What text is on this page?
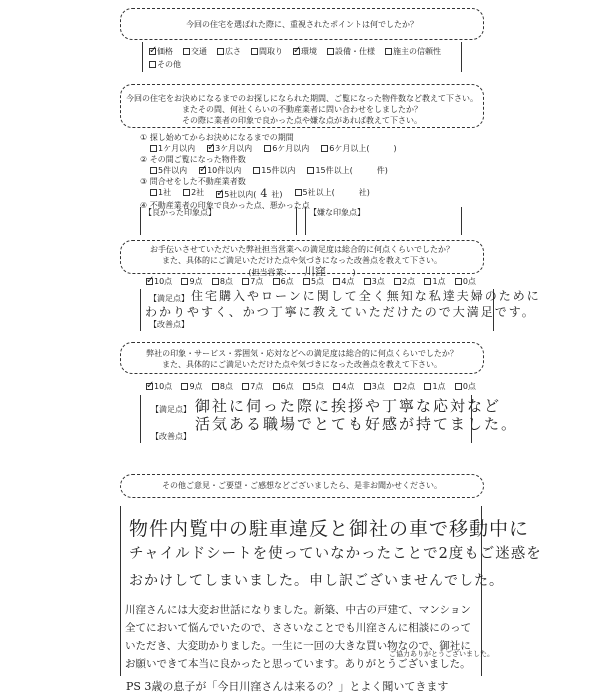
今回の住宅を選ばれた際に、重視されたポイントは何でしたか？
✓価格	交通	広さ	間取り ✓	環境	設備・仕様	施主の信頼性
その他
今回の住宅をお決めになるまでのお探しになられた期間、ご覧になった物件数など教えて下さい。
またその間、何社くらいの不動産業者に問い合わせをしましたか？
その際に業者の印象で良かった点や嫌な点があれば教えて下さい。
① 探し始めてからお決めになるまでの期間
1ケ月以内 ✓	3ケ月以内	6ケ月以内	6ケ月以上(	)
② その間ご覧になった物件数
5件以内 ✓	10件以内	15件以内	15件以上(	件)
③ 問合せをした不動産業者数
1社	2社 ✓	5社以内( 4 社)	5社以上(	社)
④ 不動産業者の印象で良かった点、悪かった点
【良かった印象点】	【嫌な印象点】
お手伝いさせていただいた弊社担当営業への満足度は総合的に何点くらいでしたか？
また、具体的にご満足いただけた点や気づきになった改善点を教えて下さい。
(担当営業： 川窪	)
✓10点	9点	8点	7点	6点	5点	4点	3点	2点	1点	0点
【満足点】 住宅購入やローンに関して全く無知な私達夫婦のために
わかりやすく、かつ丁寧に教えていただけたので大満足です。
【改善点】
弊社の印象・サービス・雰囲気・応対などへの満足度は総合的に何点くらいでしたか？
また、具体的にご満足いただけた点や気づきになった改善点を教えて下さい。
✓10点	9点	8点	7点	6点	5点	4点	3点	2点	1点	0点
【満足点】 御社に伺った際に挨拶や丁寧な応対など
活気ある職場でとても好感が持てました。
【改善点】
その他ご意見・ご要望・ご感想などございましたら、是非お聞かせください。
物件内覧中の駐車違反と御社の車で移動中に
チャイルドシートを使っていなかったことで2度もご迷惑を
おかけしてしまいました。申し訳ございませんでした。
川窪さんには大変お世話になりました。新築、中古の戸建て、マンション
全てにおいて悩んでいたので、ささいなことでも川窪さんに相談にのって
いただき、大変助かりました。一生に一回の大きな買い物なので、御社に
お願いできて本当に良かったと思っています。ありがとうございました。
ご協力ありがとうございました。
PS 3歳の息子が「今日川窪さんは来るの？」とよく聞いてきます
